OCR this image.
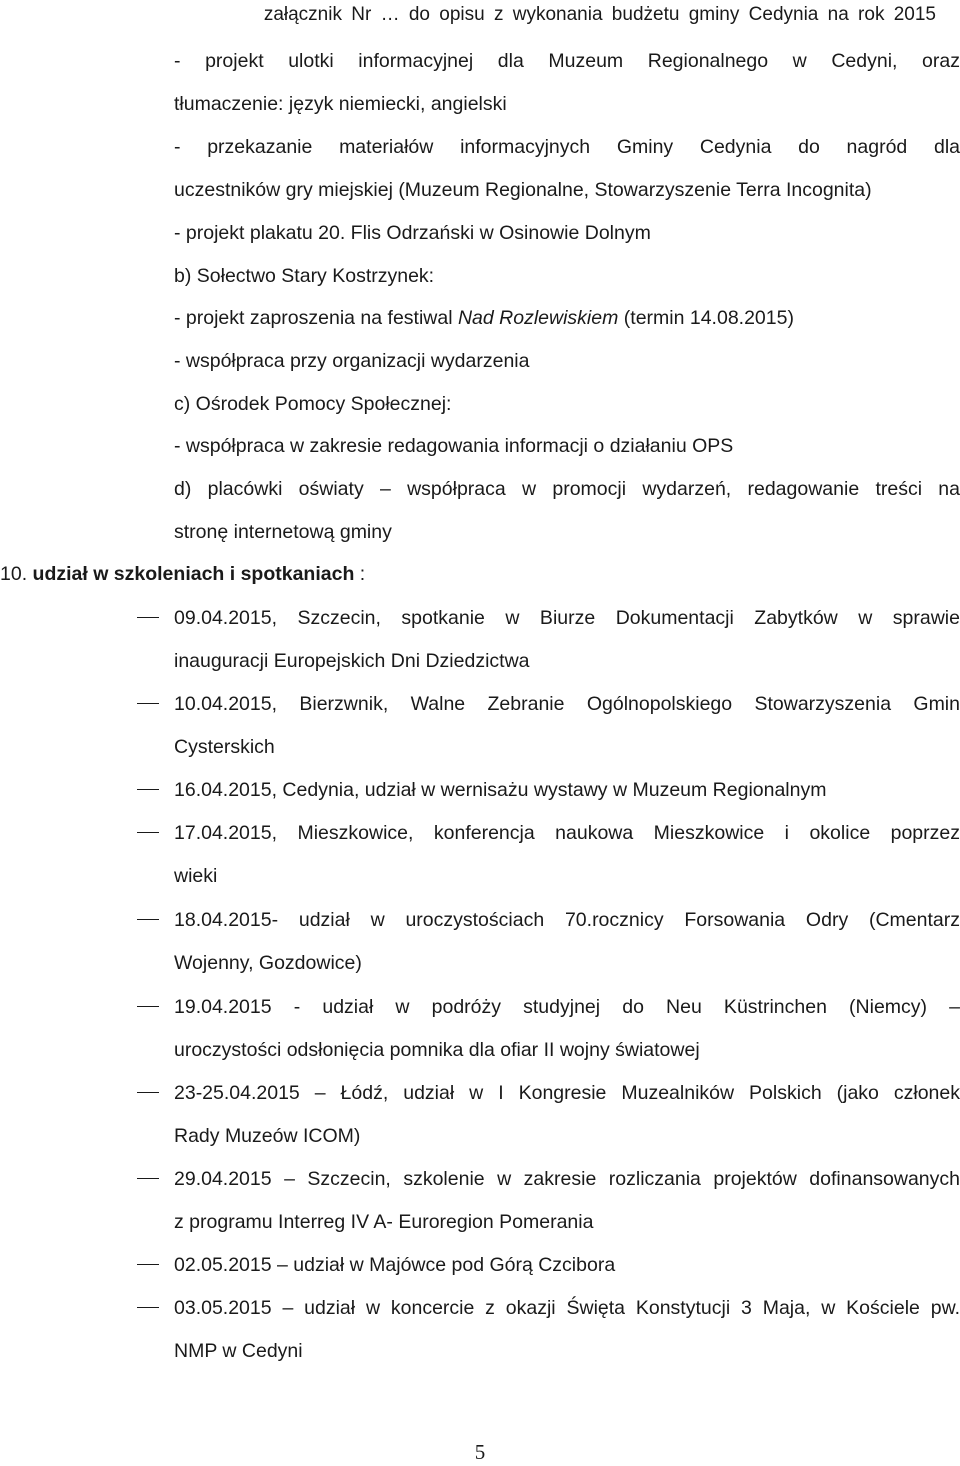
załącznik Nr … do opisu z wykonania budżetu gminy Cedynia na rok 2015
- projekt ulotki informacyjnej dla Muzeum Regionalnego w Cedyni, oraz
tłumaczenie: język niemiecki, angielski
- przekazanie materiałów informacyjnych Gminy Cedynia do nagród dla
uczestników gry miejskiej (Muzeum Regionalne, Stowarzyszenie Terra Incognita)
- projekt plakatu 20. Flis Odrzański w Osinowie Dolnym
b) Sołectwo Stary Kostrzynek:
- projekt zaproszenia na festiwal Nad Rozlewiskiem (termin 14.08.2015)
- współpraca przy organizacji wydarzenia
c) Ośrodek Pomocy Społecznej:
- współpraca w zakresie redagowania informacji o działaniu OPS
d) placówki oświaty – współpraca w promocji wydarzeń, redagowanie treści na
stronę internetową gminy
10. udział w szkoleniach i spotkaniach :
09.04.2015, Szczecin, spotkanie w Biurze Dokumentacji Zabytków w sprawie
inauguracji Europejskich Dni Dziedzictwa
10.04.2015, Bierzwnik, Walne Zebranie Ogólnopolskiego Stowarzyszenia Gmin
Cysterskich
16.04.2015, Cedynia, udział w wernisażu wystawy w Muzeum Regionalnym
17.04.2015, Mieszkowice, konferencja naukowa Mieszkowice i okolice poprzez
wieki
18.04.2015- udział w uroczystościach 70.rocznicy Forsowania Odry (Cmentarz
Wojenny, Gozdowice)
19.04.2015 - udział w podróży studyjnej do Neu Küstrinchen (Niemcy) –
uroczystości odsłonięcia pomnika dla ofiar II wojny światowej
23-25.04.2015 – Łódź, udział w I Kongresie Muzealników Polskich (jako członek
Rady Muzeów ICOM)
29.04.2015 – Szczecin, szkolenie w zakresie rozliczania projektów dofinansowanych
z programu Interreg IV A- Euroregion Pomerania
02.05.2015 – udział w Majówce pod Górą Czcibora
03.05.2015 – udział w koncercie z okazji Święta Konstytucji 3 Maja, w Kościele pw.
NMP w Cedyni
5
